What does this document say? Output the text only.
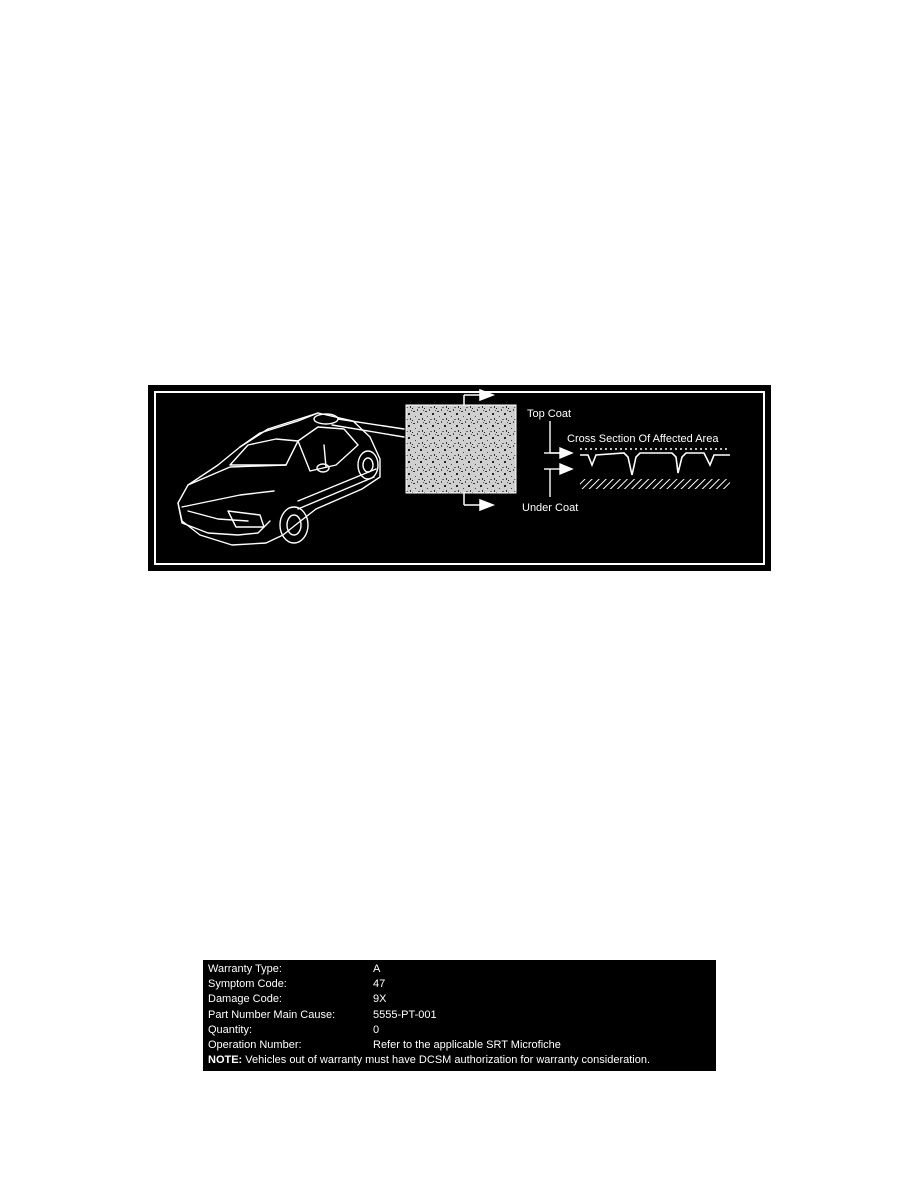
Top Coat
Cross Section Of Affected Area
Under Coat
Warranty Type:	A
Symptom Code:	47
Damage Code:	9X
Part Number Main Cause:	5555-PT-001
Quantity:	0
Operation Number:	Refer to the applicable SRT Microfiche
NOTE: Vehicles out of warranty must have DCSM authorization for warranty consideration.
